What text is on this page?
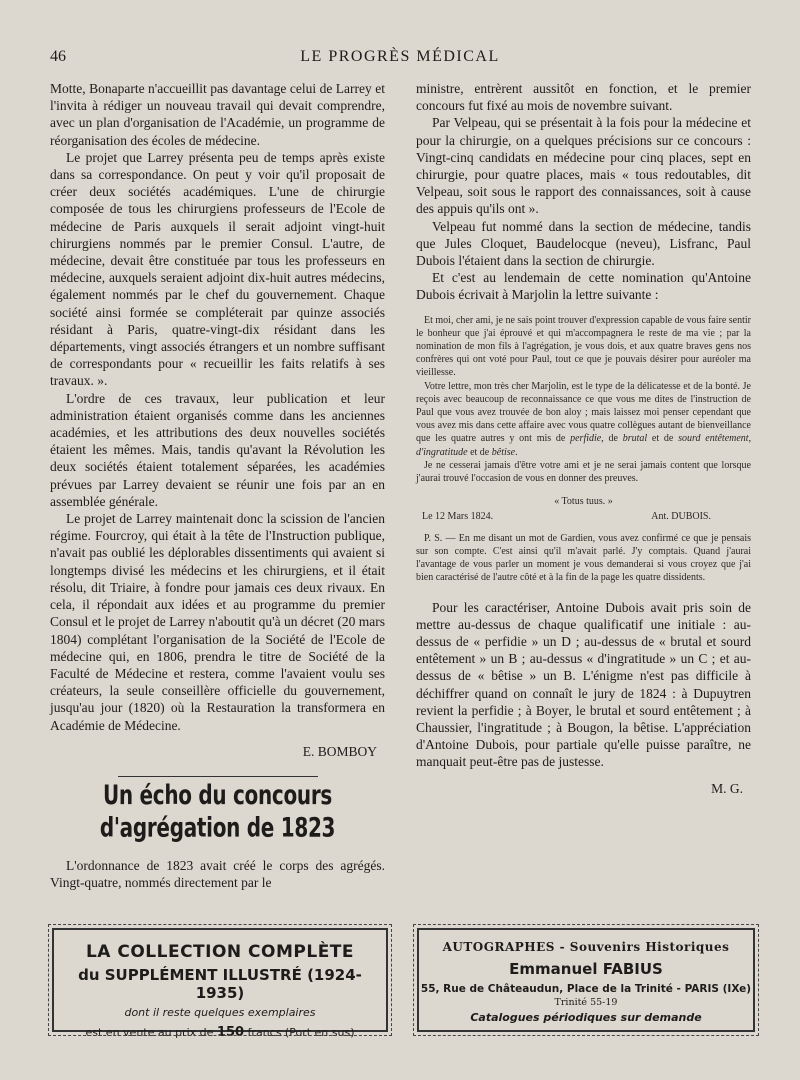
46	LE PROGRÈS MÉDICAL

Motte, Bonaparte n'accueillit pas davantage celui de Larrey et l'invita à rédiger un nouveau travail qui devait comprendre, avec un plan d'organisation de l'Académie, un programme de réorganisation des écoles de médecine.

Le projet que Larrey présenta peu de temps après existe dans sa correspondance. On peut y voir qu'il proposait de créer deux sociétés académiques. L'une de chirurgie composée de tous les chirurgiens professeurs de l'Ecole de médecine de Paris auxquels il serait adjoint vingt-huit chirurgiens nommés par le premier Consul. L'autre, de médecine, devait être constituée par tous les professeurs en médecine, auxquels seraient adjoint dix-huit autres médecins, également nommés par le chef du gouvernement. Chaque société ainsi formée se compléterait par quinze associés résidant à Paris, quatre-vingt-dix résidant dans les départements, vingt associés étrangers et un nombre suffisant de correspondants pour « recueillir les faits relatifs à ses travaux. ».

L'ordre de ces travaux, leur publication et leur administration étaient organisés comme dans les anciennes académies, et les attributions des deux nouvelles sociétés étaient les mêmes. Mais, tandis qu'avant la Révolution les deux sociétés étaient totalement séparées, les académies prévues par Larrey devaient se réunir une fois par an en assemblée générale.

Le projet de Larrey maintenait donc la scission de l'ancien régime. Fourcroy, qui était à la tête de l'Instruction publique, n'avait pas oublié les déplorables dissentiments qui avaient si longtemps divisé les médecins et les chirurgiens, et il était résolu, dit Triaire, à fondre pour jamais ces deux rivaux. En cela, il répondait aux idées et au programme du premier Consul et le projet de Larrey n'aboutit qu'à un décret (20 mars 1804) complétant l'organisation de la Société de l'Ecole de médecine qui, en 1806, prendra le titre de Société de la Faculté de Médecine et restera, comme l'avaient voulu ses créateurs, la seule conseillère officielle du gouvernement, jusqu'au jour (1820) où la Restauration la transformera en Académie de Médecine.

E. BOMBOY
Un écho du concours d'agrégation de 1823

L'ordonnance de 1823 avait créé le corps des agrégés. Vingt-quatre, nommés directement par le

ministre, entrèrent aussitôt en fonction, et le premier concours fut fixé au mois de novembre suivant.

Par Velpeau, qui se présentait à la fois pour la médecine et pour la chirurgie, on a quelques précisions sur ce concours : Vingt-cinq candidats en médecine pour cinq places, sept en chirurgie, pour quatre places, mais « tous redoutables, dit Velpeau, soit sous le rapport des connaissances, soit à cause des appuis qu'ils ont ».

Velpeau fut nommé dans la section de médecine, tandis que Jules Cloquet, Baudelocque (neveu), Lisfranc, Paul Dubois l'étaient dans la section de chirurgie.

Et c'est au lendemain de cette nomination qu'Antoine Dubois écrivait à Marjolin la lettre suivante :

Et moi, cher ami, je ne sais point trouver d'expression capable de vous faire sentir le bonheur que j'ai éprouvé et qui m'accompagnera le reste de ma vie ; par la nomination de mon fils à l'agrégation, je vous dois, et aux quatre braves gens nos confrères qui ont voté pour Paul, tout ce que je pouvais désirer pour auréoler ma vieillesse.

Votre lettre, mon très cher Marjolin, est le type de la délicatesse et de la bonté. Je reçois avec beaucoup de reconnaissance ce que vous me dites de l'instruction de Paul que vous avez trouvée de bon aloy ; mais laissez moi penser cependant que vous avez mis dans cette affaire avec vous quatre collègues autant de bienveillance que les quatre autres y ont mis de perfidie, de brutal et de sourd entêtement, d'ingratitude et de bêtise.

Je ne cesserai jamais d'être votre ami et je ne serai jamais content que lorsque j'aurai trouvé l'occasion de vous en donner des preuves.

« Totus tuus. »

Le 12 Mars 1824.	Ant. DUBOIS.

P. S. — En me disant un mot de Gardien, vous avez confirmé ce que je pensais sur son compte. C'est ainsi qu'il m'avait parlé. J'y comptais. Quand j'aurai l'avantage de vous parler un moment je vous demanderai si vous croyez que j'ai bien caractérisé de l'autre côté et à la fin de la page les quatre dissidents.

Pour les caractériser, Antoine Dubois avait pris soin de mettre au-dessus de chaque qualificatif une initiale : au-dessus de « perfidie » un D ; au-dessus de « brutal et sourd entêtement » un B ; au-dessus « d'ingratitude » un C ; et au-dessus de « bêtise » un B. L'énigme n'est pas difficile à déchiffrer quand on connaît le jury de 1824 : à Dupuytren revient la perfidie ; à Boyer, le brutal et sourd entêtement ; à Chaussier, l'ingratitude ; à Bougon, la bêtise. L'appréciation d'Antoine Dubois, pour partiale qu'elle puisse paraître, ne manquait peut-être pas de justesse.

M. G.
LA COLLECTION COMPLÈTE
du SUPPLÉMENT ILLUSTRÉ (1924-1935)
dont il reste quelques exemplaires
est en vente au prix de 150 francs (Port en sus)
AUTOGRAPHES - Souvenirs Historiques
Emmanuel FABIUS
55, Rue de Châteaudun, Place de la Trinité - PARIS (IXe)
Trinité 55-19
Catalogues périodiques sur demande
